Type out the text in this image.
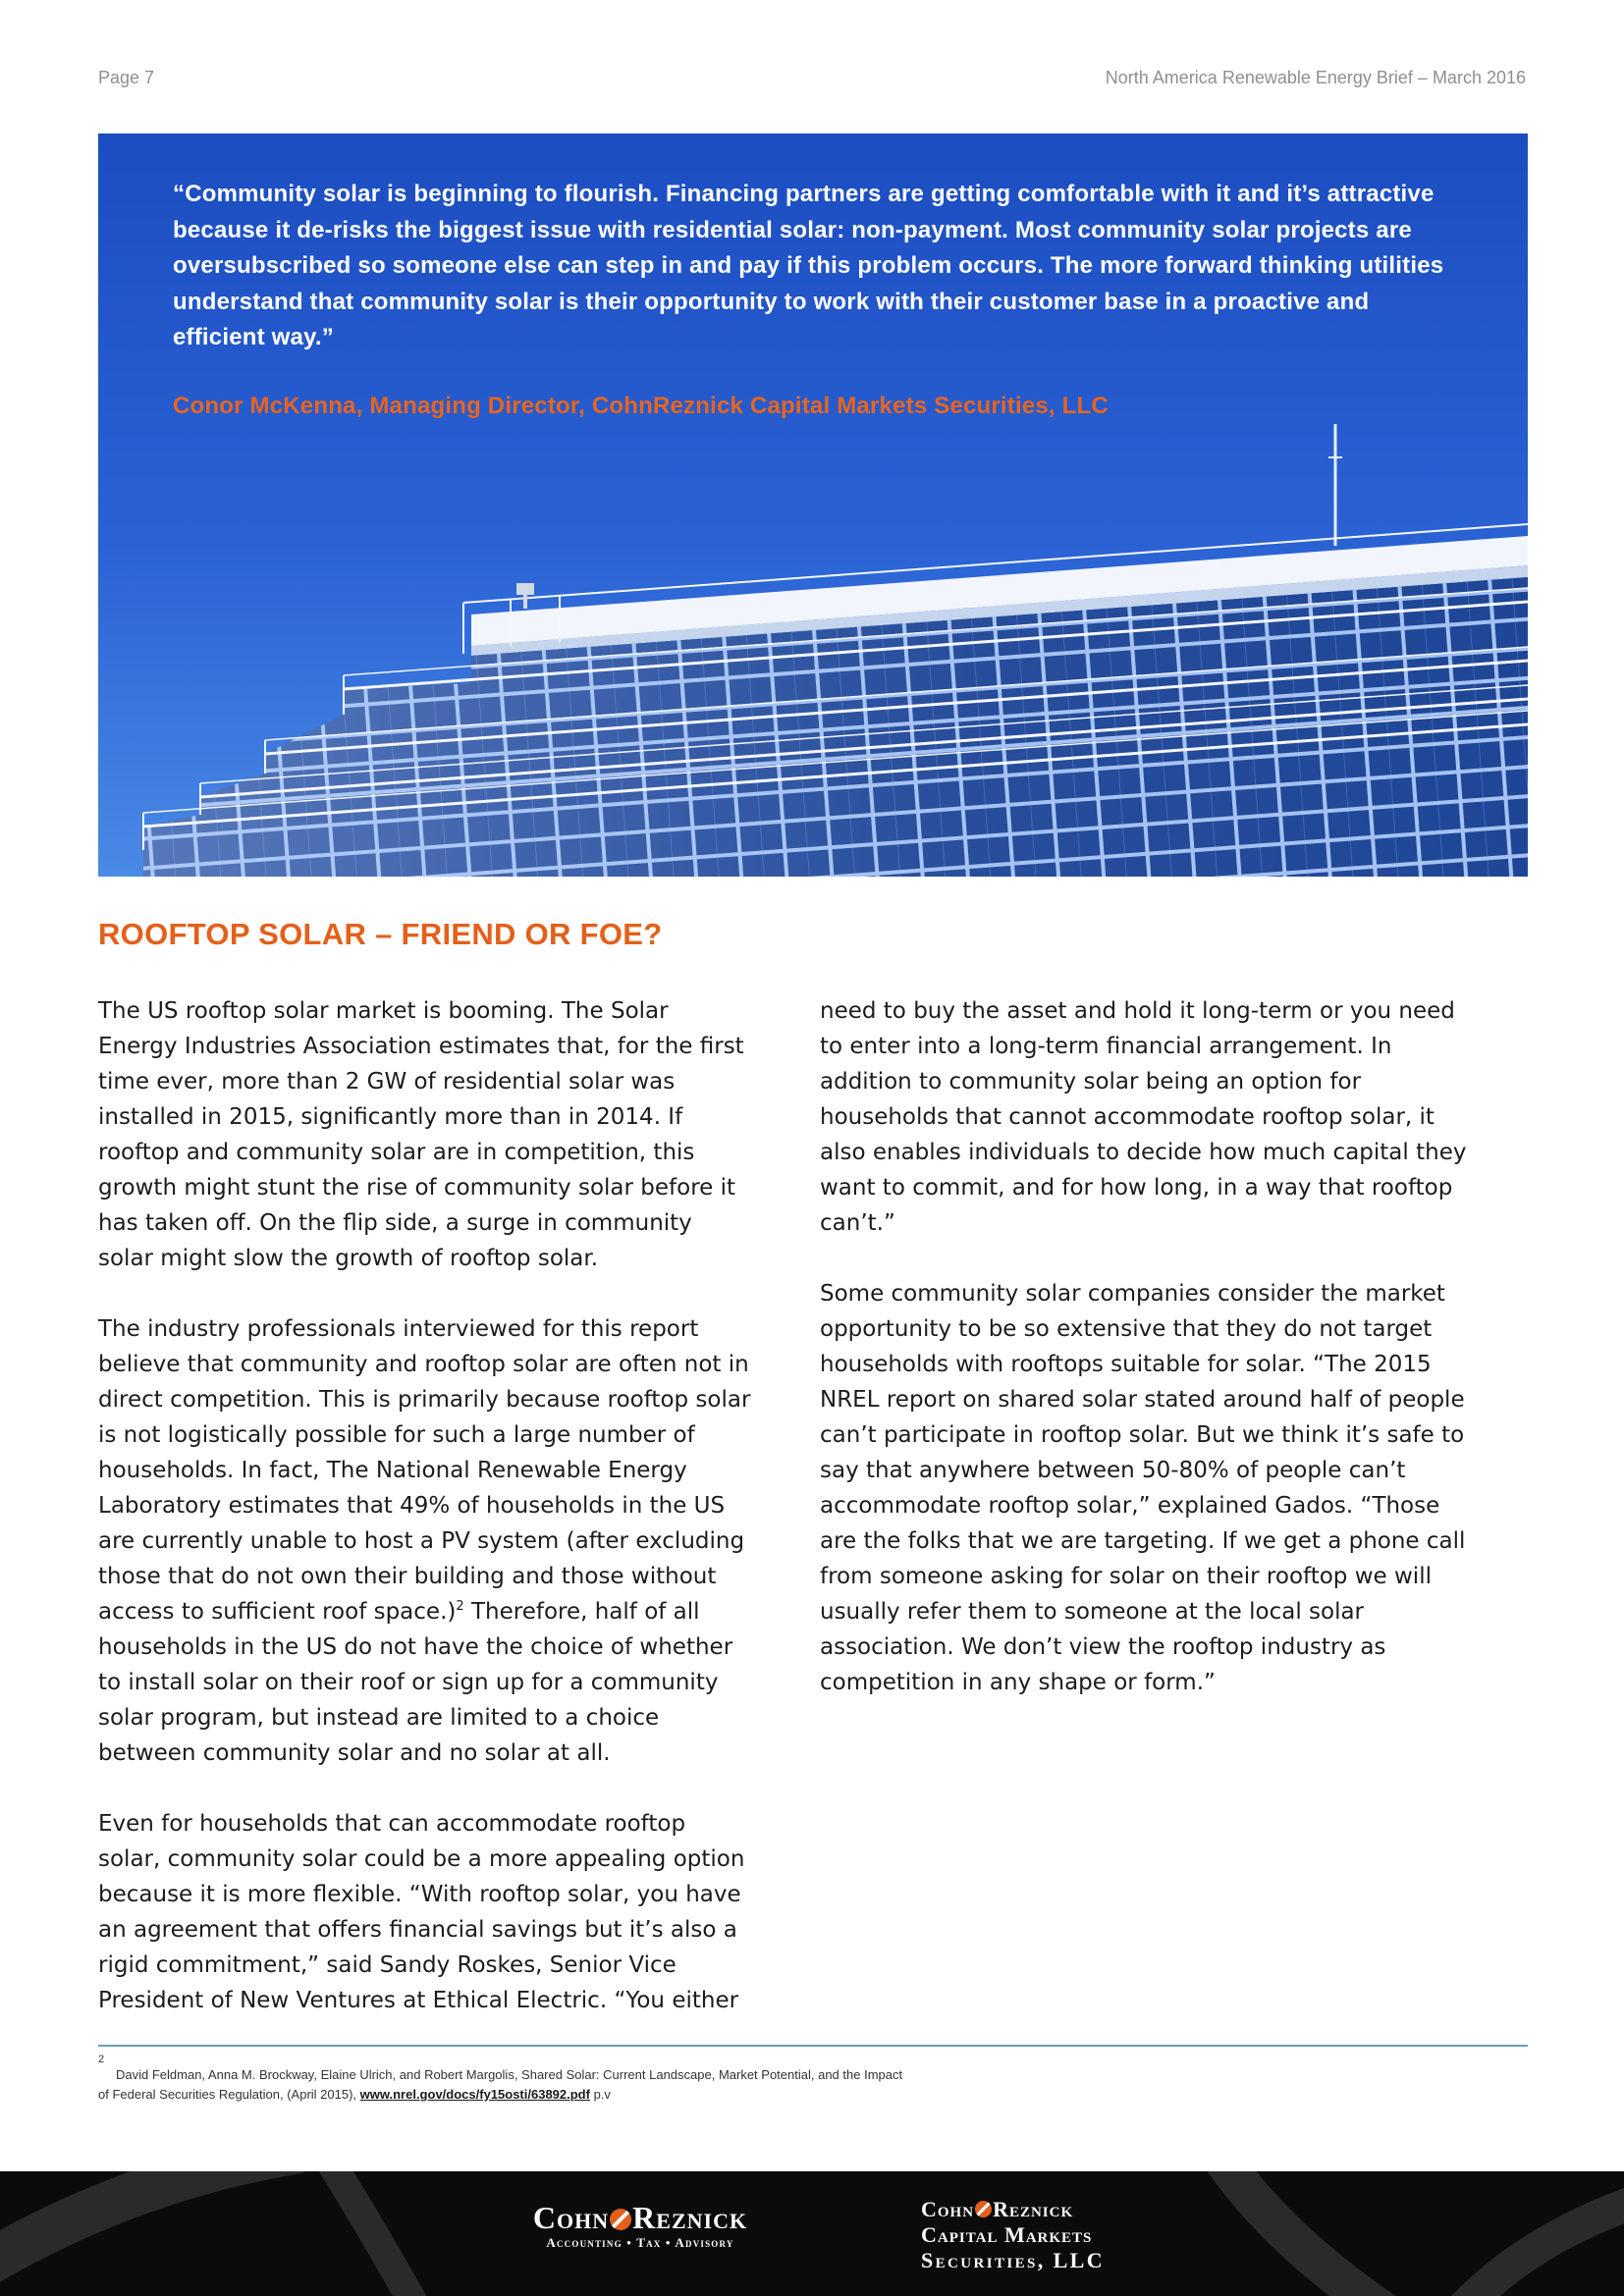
Page 7	North America Renewable Energy Brief – March 2016

“Community solar is beginning to flourish. Financing partners are getting comfortable with it and it’s attractive because it de-risks the biggest issue with residential solar: non-payment. Most community solar projects are oversubscribed so someone else can step in and pay if this problem occurs. The more forward thinking utilities understand that community solar is their opportunity to work with their customer base in a proactive and efficient way.”

Conor McKenna, Managing Director, CohnReznick Capital Markets Securities, LLC

ROOFTOP SOLAR – FRIEND OR FOE?

The US rooftop solar market is booming. The Solar Energy Industries Association estimates that, for the first time ever, more than 2 GW of residential solar was installed in 2015, significantly more than in 2014. If rooftop and community solar are in competition, this growth might stunt the rise of community solar before it has taken off. On the flip side, a surge in community solar might slow the growth of rooftop solar.

The industry professionals interviewed for this report believe that community and rooftop solar are often not in direct competition. This is primarily because rooftop solar is not logistically possible for such a large number of households. In fact, The National Renewable Energy Laboratory estimates that 49% of households in the US are currently unable to host a PV system (after excluding those that do not own their building and those without access to sufficient roof space.)$^2$ Therefore, half of all households in the US do not have the choice of whether to install solar on their roof or sign up for a community solar program, but instead are limited to a choice between community solar and no solar at all.

Even for households that can accommodate rooftop solar, community solar could be a more appealing option because it is more flexible. “With rooftop solar, you have an agreement that offers financial savings but it’s also a rigid commitment,” said Sandy Roskes, Senior Vice President of New Ventures at Ethical Electric. “You either need to buy the asset and hold it long-term or you need to enter into a long-term financial arrangement. In addition to community solar being an option for households that cannot accommodate rooftop solar, it also enables individuals to decide how much capital they want to commit, and for how long, in a way that rooftop can’t.”

Some community solar companies consider the market opportunity to be so extensive that they do not target households with rooftops suitable for solar. “The 2015 NREL report on shared solar stated around half of people can’t participate in rooftop solar. But we think it’s safe to say that anywhere between 50-80% of people can’t accommodate rooftop solar,” explained Gados. “Those are the folks that we are targeting. If we get a phone call from someone asking for solar on their rooftop we will usually refer them to someone at the local solar association. We don’t view the rooftop industry as competition in any shape or form.”

2

David Feldman, Anna M. Brockway, Elaine Ulrich, and Robert Margolis, Shared Solar: Current Landscape, Market Potential, and the Impact of Federal Securities Regulation, (April 2015), www.nrel.gov/docs/fy15osti/63892.pdf p.v

Cohn Reznick
Accounting • Tax • Advisory
Cohn Reznick
Capital Markets
Securities, LLC
